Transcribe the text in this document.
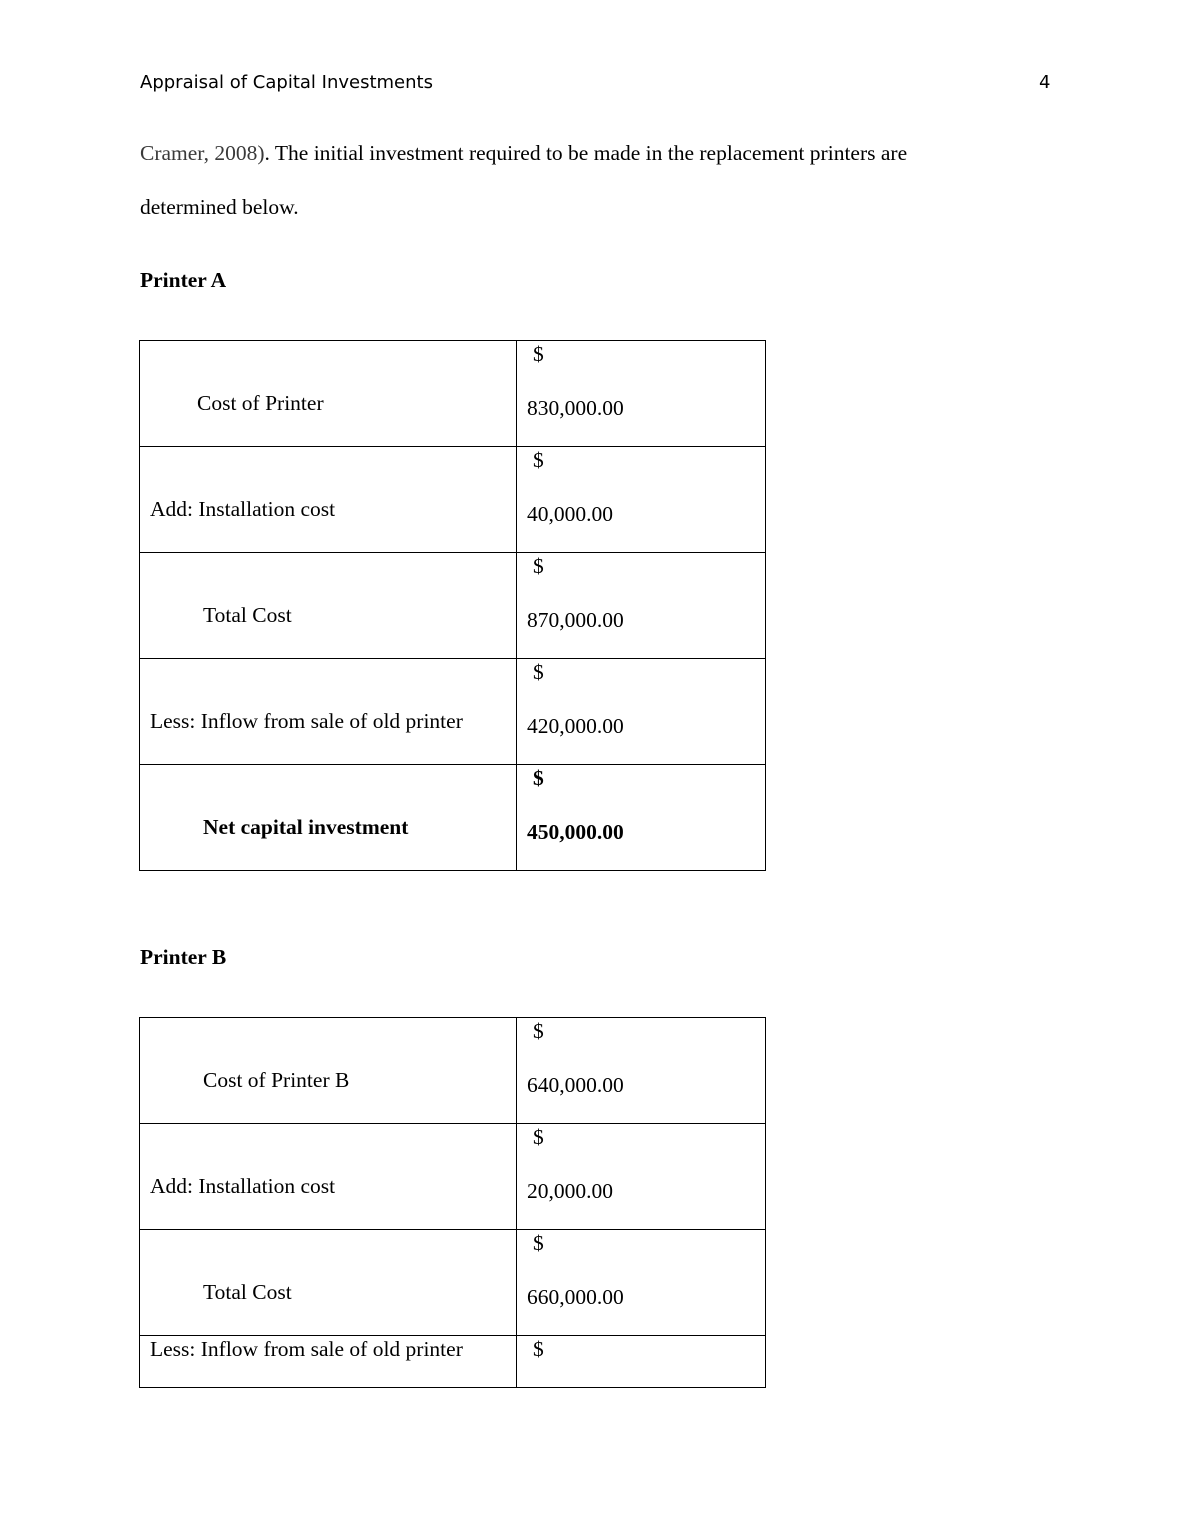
Appraisal of Capital Investments	4
Cramer, 2008). The initial investment required to be made in the replacement printers are
determined below.
Printer A
Cost of Printer	$
830,000.00

Add: Installation cost	$
40,000.00

Total Cost	$
870,000.00

Less: Inflow from sale of old printer	$
420,000.00

Net capital investment	$
450,000.00
Printer B
Cost of Printer B	$
640,000.00

Add: Installation cost	$
20,000.00

Total Cost	$
660,000.00

Less: Inflow from sale of old printer	$
